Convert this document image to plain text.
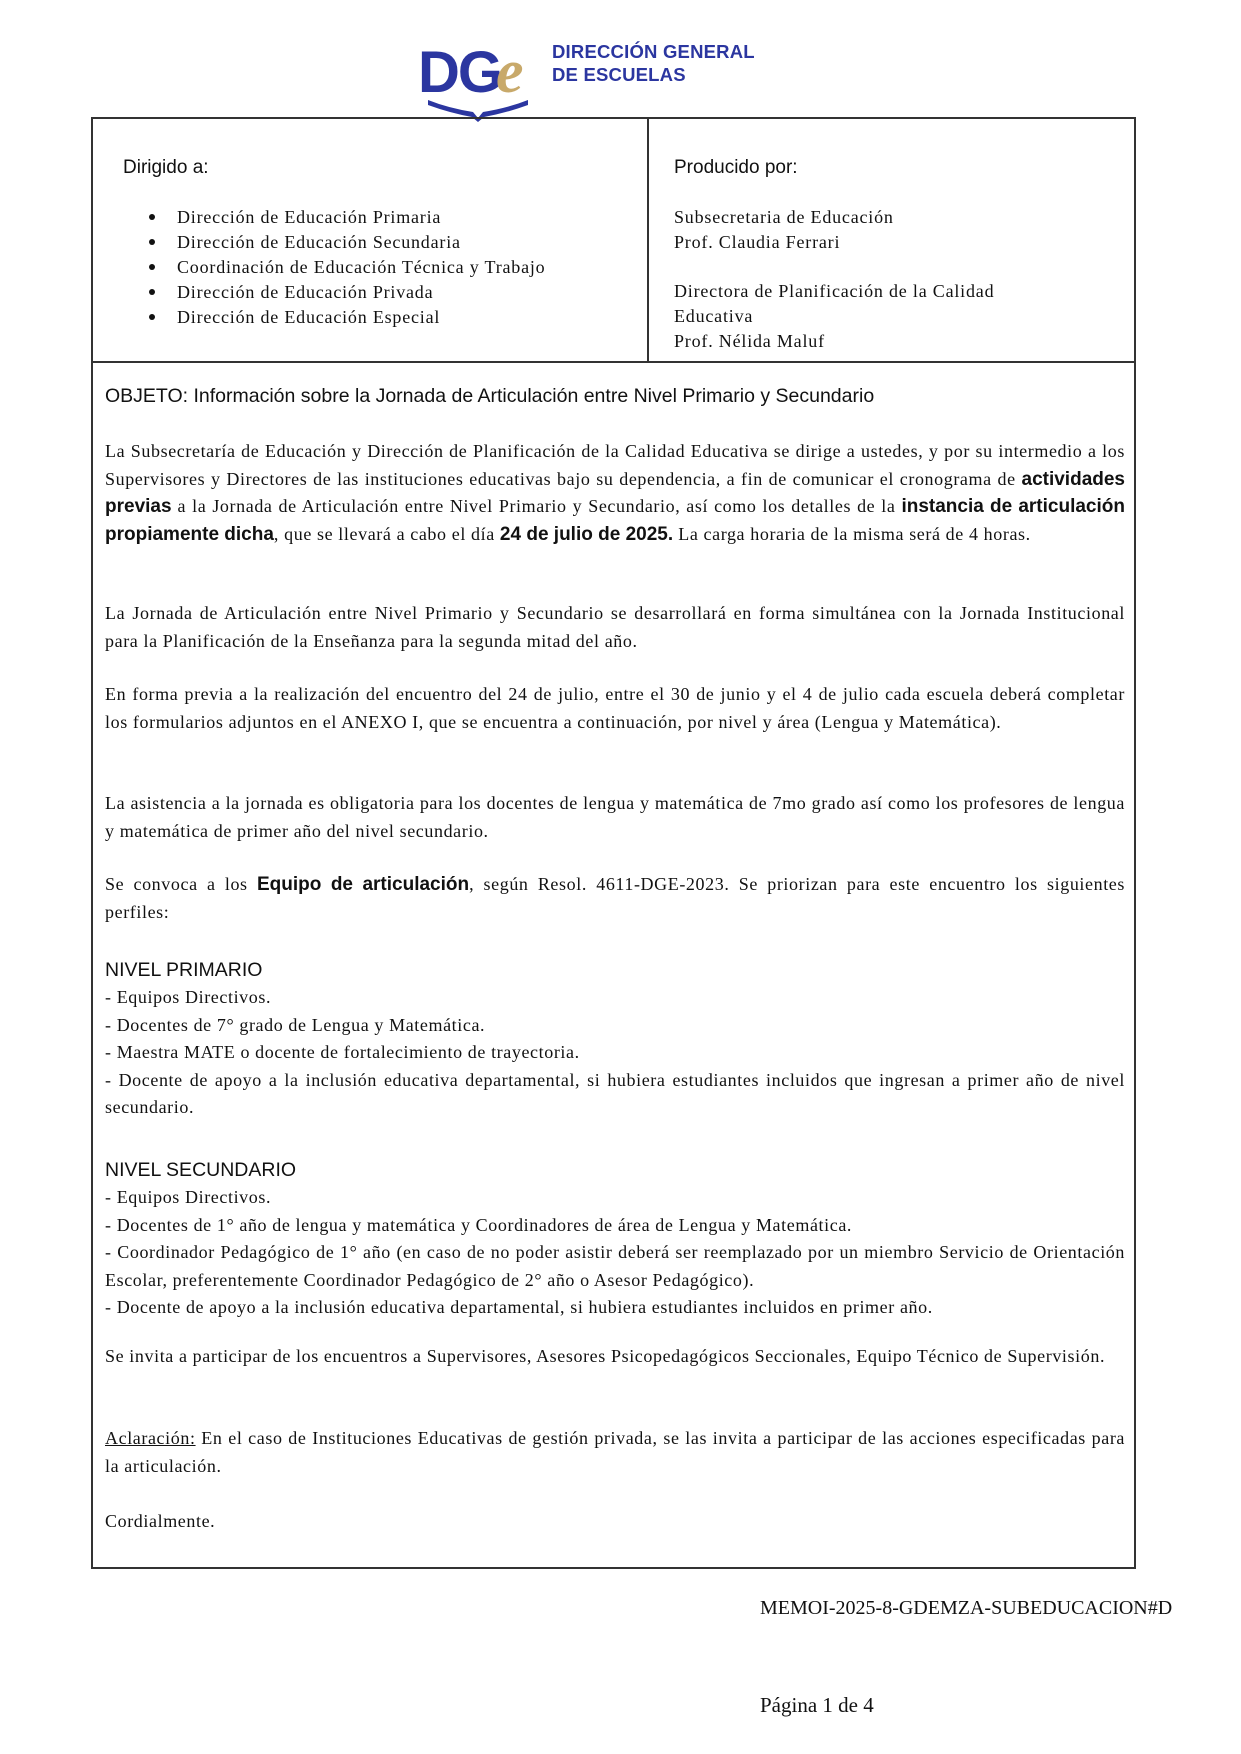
DG
e DIRECCIÓN GENERAL
DE ESCUELAS
Dirigido a:
Dirección de Educación Primaria
Dirección de Educación Secundaria
Coordinación de Educación Técnica y Trabajo
Dirección de Educación Privada
Dirección de Educación Especial
Producido por:
Subsecretaria de Educación
Prof. Claudia Ferrari
Directora de Planificación de la Calidad
Educativa
Prof. Nélida Maluf
OBJETO: Información sobre la Jornada de Articulación entre Nivel Primario y Secundario

La Subsecretaría de Educación y Dirección de Planificación de la Calidad Educativa se dirige a ustedes, y por su intermedio a los Supervisores y Directores de las instituciones educativas bajo su dependencia, a fin de comunicar el cronograma de actividades previas a la Jornada de Articulación entre Nivel Primario y Secundario, así como los detalles de la instancia de articulación propiamente dicha, que se llevará a cabo el día 24 de julio de 2025. La carga horaria de la misma será de 4 horas.

La Jornada de Articulación entre Nivel Primario y Secundario se desarrollará en forma simultánea con la Jornada Institucional para la Planificación de la Enseñanza para la segunda mitad del año.

En forma previa a la realización del encuentro del 24 de julio, entre el 30 de junio y el 4 de julio cada escuela deberá completar los formularios adjuntos en el ANEXO I, que se encuentra a continuación, por nivel y área (Lengua y Matemática).

La asistencia a la jornada es obligatoria para los docentes de lengua y matemática de 7mo grado así como los profesores de lengua y matemática de primer año del nivel secundario.

Se convoca a los Equipo de articulación, según Resol. 4611-DGE-2023. Se priorizan para este encuentro los siguientes perfiles:

NIVEL PRIMARIO
- Equipos Directivos.
- Docentes de 7° grado de Lengua y Matemática.
- Maestra MATE o docente de fortalecimiento de trayectoria.
- Docente de apoyo a la inclusión educativa departamental, si hubiera estudiantes incluidos que ingresan a primer año de nivel secundario.
NIVEL SECUNDARIO
- Equipos Directivos.
- Docentes de 1° año de lengua y matemática y Coordinadores de área de Lengua y Matemática.
- Coordinador Pedagógico de 1° año (en caso de no poder asistir deberá ser reemplazado por un miembro Servicio de Orientación Escolar, preferentemente Coordinador Pedagógico de 2° año o Asesor Pedagógico).
- Docente de apoyo a la inclusión educativa departamental, si hubiera estudiantes incluidos en primer año.

Se invita a participar de los encuentros a Supervisores, Asesores Psicopedagógicos Seccionales, Equipo Técnico de Supervisión.

Aclaración: En el caso de Instituciones Educativas de gestión privada, se las invita a participar de las acciones especificadas para la articulación.

Cordialmente.

MEMOI-2025-8-GDEMZA-SUBEDUCACION#D
Página 1 de 4
